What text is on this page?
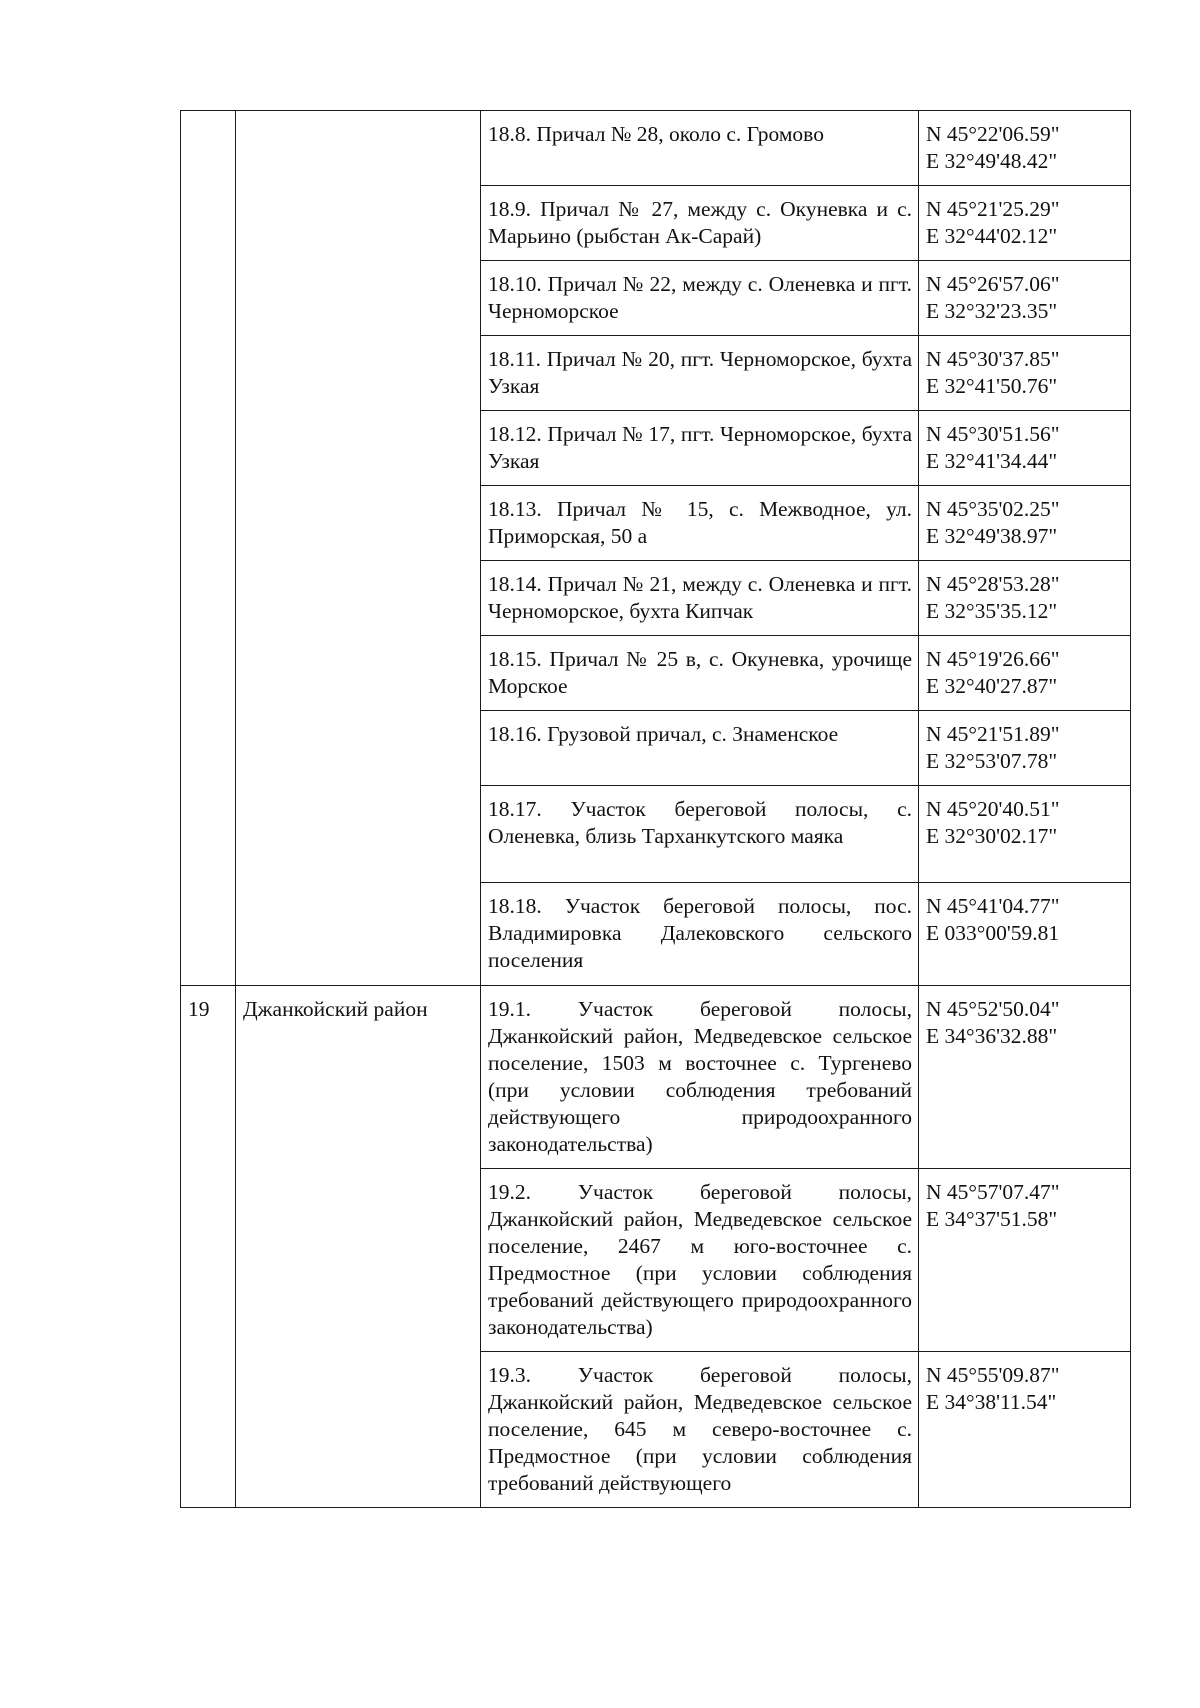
		18.8. Причал № 28, около с. Громово	N 45°22'06.59"
E 32°49'48.42"

		18.9. Причал № 27, между с. Окуневка и с. Марьино (рыбстан Ак-Сарай)	N 45°21'25.29"
E 32°44'02.12"

		18.10. Причал № 22, между с. Оленевка и пгт. Черноморское	N 45°26'57.06"
E 32°32'23.35"

		18.11. Причал № 20, пгт. Черноморское, бухта Узкая	N 45°30'37.85"
E 32°41'50.76"

		18.12. Причал № 17, пгт. Черноморское, бухта Узкая	N 45°30'51.56"
E 32°41'34.44"

		18.13. Причал № 15, с. Межводное, ул. Приморская, 50 а	N 45°35'02.25"
E 32°49'38.97"

		18.14. Причал № 21, между с. Оленевка и пгт. Черноморское, бухта Кипчак	N 45°28'53.28"
E 32°35'35.12"

		18.15. Причал № 25 в, с. Окуневка, урочище Морское	N 45°19'26.66"
E 32°40'27.87"

		18.16. Грузовой причал, с. Знаменское	N 45°21'51.89"
E 32°53'07.78"

		18.17. Участок береговой полосы, с. Оленевка, близь Тарханкутского маяка	N 45°20'40.51"
E 32°30'02.17"

		18.18. Участок береговой полосы, пос. Владимировка Далековского сельского поселения	N 45°41'04.77"
E 033°00'59.81

19	Джанкойский район	19.1. Участок береговой полосы, Джанкойский район, Медведевское сельское поселение, 1503 м восточнее с. Тургенево (при условии соблюдения требований действующего природоохранного законодательства)	N 45°52'50.04"
E 34°36'32.88"

		19.2. Участок береговой полосы, Джанкойский район, Медведевское сельское поселение, 2467 м юго-восточнее с. Предмостное (при условии соблюдения требований действующего природоохранного законодательства)	N 45°57'07.47"
E 34°37'51.58"

		19.3. Участок береговой полосы, Джанкойский район, Медведевское сельское поселение, 645 м северо-восточнее с. Предмостное (при условии соблюдения требований действующего	N 45°55'09.87"
E 34°38'11.54"
